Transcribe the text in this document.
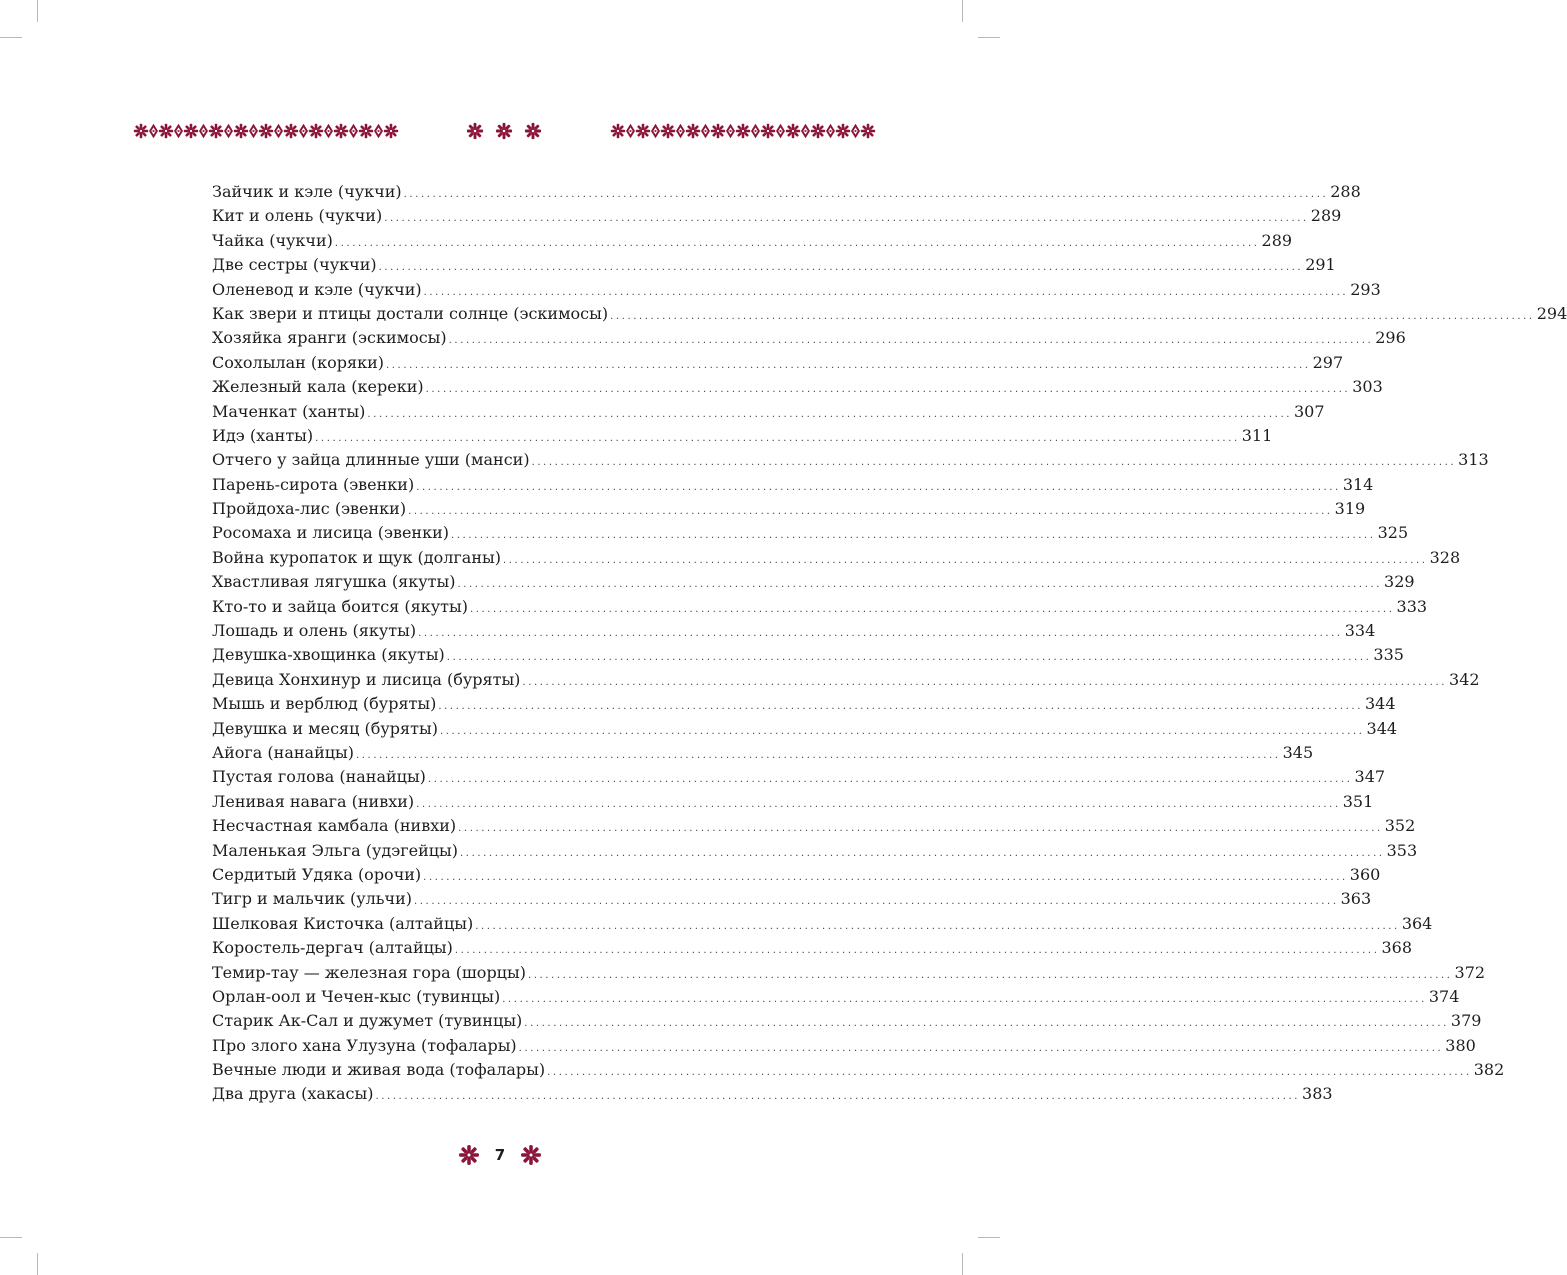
Зайчик и кэле (чукчи) ................................................................................................................................................................ 288
Кит и олень (чукчи) ................................................................................................................................................................ 289
Чайка (чукчи) ................................................................................................................................................................ 289
Две сестры (чукчи) ................................................................................................................................................................ 291
Оленевод и кэле (чукчи) ................................................................................................................................................................ 293
Как звери и птицы достали солнце (эскимосы) ................................................................................................................................................................ 294
Хозяйка яранги (эскимосы) ................................................................................................................................................................ 296
Сохолылан (коряки) ................................................................................................................................................................ 297
Железный кала (кереки) ................................................................................................................................................................ 303
Маченкат (ханты) ................................................................................................................................................................ 307
Идэ (ханты) ................................................................................................................................................................ 311
Отчего у зайца длинные уши (манси) ................................................................................................................................................................ 313
Парень-сирота (эвенки) ................................................................................................................................................................ 314
Пройдоха-лис (эвенки) ................................................................................................................................................................ 319
Росомаха и лисица (эвенки) ................................................................................................................................................................ 325
Война куропаток и щук (долганы) ................................................................................................................................................................ 328
Хвастливая лягушка (якуты) ................................................................................................................................................................ 329
Кто-то и зайца боится (якуты) ................................................................................................................................................................ 333
Лошадь и олень (якуты) ................................................................................................................................................................ 334
Девушка-хвощинка (якуты) ................................................................................................................................................................ 335
Девица Хонхинур и лисица (буряты) ................................................................................................................................................................ 342
Мышь и верблюд (буряты) ................................................................................................................................................................ 344
Девушка и месяц (буряты) ................................................................................................................................................................ 344
Айога (нанайцы) ................................................................................................................................................................ 345
Пустая голова (нанайцы) ................................................................................................................................................................ 347
Ленивая навага (нивхи) ................................................................................................................................................................ 351
Несчастная камбала (нивхи) ................................................................................................................................................................ 352
Маленькая Эльга (удэгейцы) ................................................................................................................................................................ 353
Сердитый Удяка (орочи) ................................................................................................................................................................ 360
Тигр и мальчик (ульчи) ................................................................................................................................................................ 363
Шелковая Кисточка (алтайцы) ................................................................................................................................................................ 364
Коростель-дергач (алтайцы) ................................................................................................................................................................ 368
Темир-тау — железная гора (шорцы) ................................................................................................................................................................ 372
Орлан-оол и Чечен-кыс (тувинцы) ................................................................................................................................................................ 374
Старик Ак-Сал и дужумет (тувинцы) ................................................................................................................................................................ 379
Про злого хана Улузуна (тофалары) ................................................................................................................................................................ 380
Вечные люди и живая вода (тофалары) ................................................................................................................................................................ 382
Два друга (хакасы) ................................................................................................................................................................ 383
7
